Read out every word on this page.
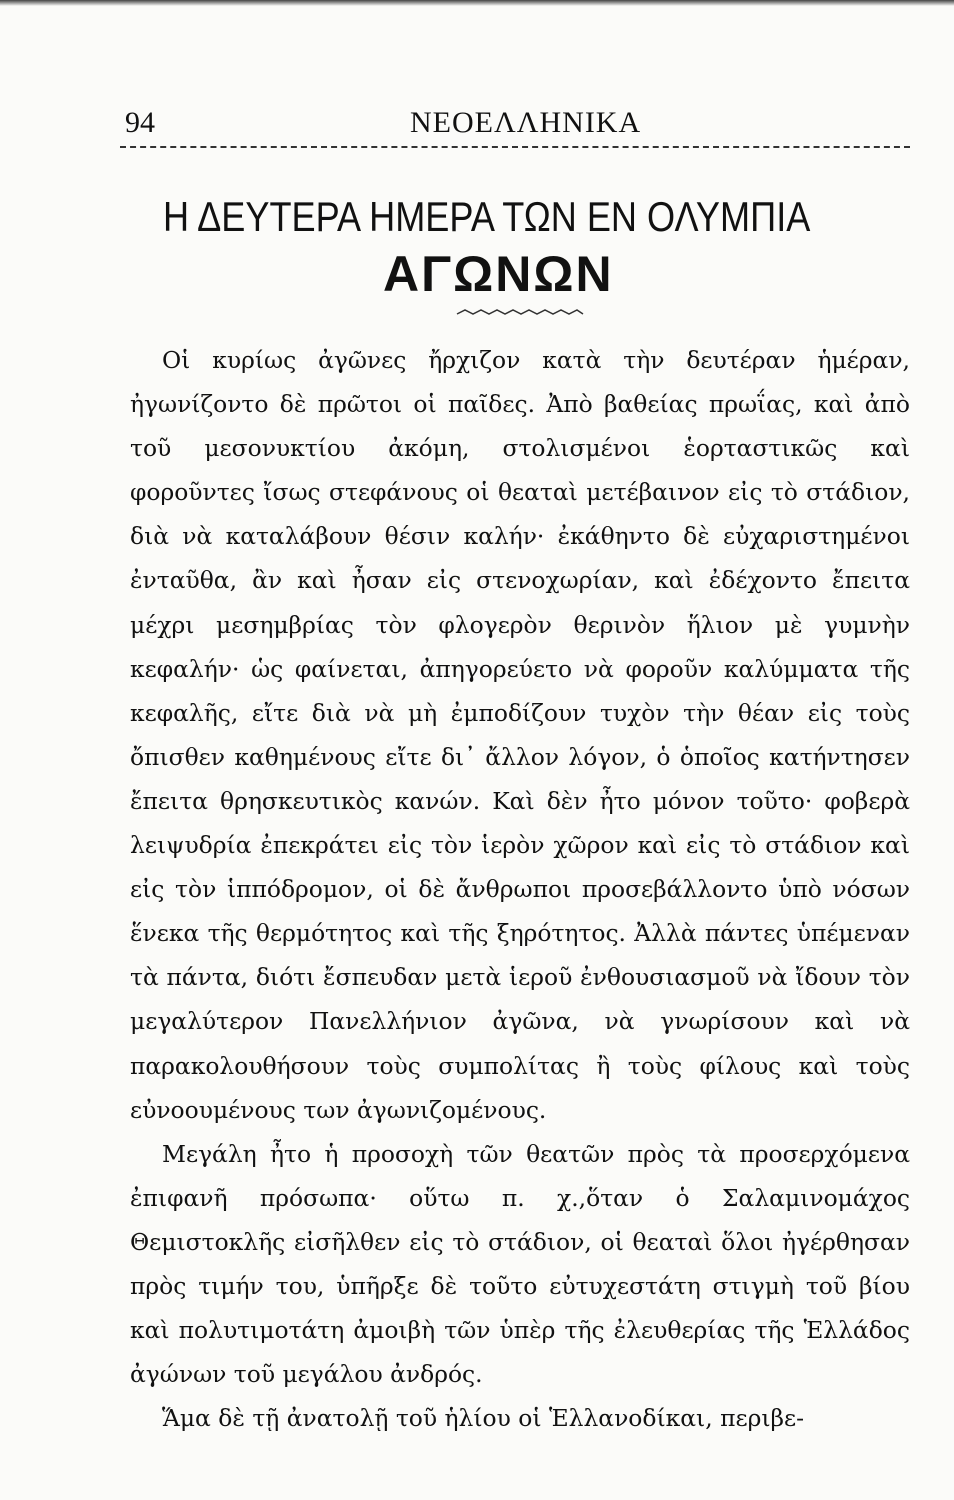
94	ΝΕΟΕΛΛΗΝΙΚΑ
Η ΔΕΥΤΕΡΑ ΗΜΕΡΑ ΤΩΝ ΕΝ ΟΛΥΜΠΙΑ
ΑΓΩΝΩΝ

Οἱ κυρίως ἀγῶνες ἤρχιζον κατὰ τὴν δευτέραν ἡμέραν, ἠγωνίζοντο δὲ πρῶτοι οἱ παῖδες. Ἀπὸ βαθείας πρωΐας, καὶ ἀπὸ τοῦ μεσονυκτίου ἀκόμη, στολισμένοι ἑορταστικῶς καὶ φοροῦντες ἴσως στεφάνους οἱ θεαταὶ μετέβαινον εἰς τὸ στάδιον, διὰ νὰ καταλάβουν θέσιν καλήν· ἐκάθηντο δὲ εὐχαριστημένοι ἐνταῦθα, ἂν καὶ ἦσαν εἰς στενοχωρίαν, καὶ ἐδέχοντο ἔπειτα μέχρι μεσημβρίας τὸν φλογερὸν θερινὸν ἥλιον μὲ γυμνὴν κεφαλήν· ὡς φαίνεται, ἀπηγορεύετο νὰ φοροῦν καλύμματα τῆς κεφαλῆς, εἴτε διὰ νὰ μὴ ἐμποδίζουν τυχὸν τὴν θέαν εἰς τοὺς ὄπισθεν καθημένους εἴτε δι᾽ ἄλλον λόγον, ὁ ὁποῖος κατήντησεν ἔπειτα θρησκευτικὸς κανών. Καὶ δὲν ἦτο μόνον τοῦτο· φοβερὰ λειψυδρία ἐπεκράτει εἰς τὸν ἱερὸν χῶρον καὶ εἰς τὸ στάδιον καὶ εἰς τὸν ἱππόδρομον, οἱ δὲ ἄνθρωποι προσεβάλλοντο ὑπὸ νόσων ἕνεκα τῆς θερμότητος καὶ τῆς ξηρότητος. Ἀλλὰ πάντες ὑπέμεναν τὰ πάντα, διότι ἔσπευδαν μετὰ ἱεροῦ ἐνθουσιασμοῦ νὰ ἴδουν τὸν μεγαλύτερον Πανελλήνιον ἀγῶνα, νὰ γνωρίσουν καὶ νὰ παρακολουθήσουν τοὺς συμπολίτας ἢ τοὺς φίλους καὶ τοὺς εὐνοουμένους των ἀγωνιζομένους.

Μεγάλη ἦτο ἡ προσοχὴ τῶν θεατῶν πρὸς τὰ προσερχόμενα ἐπιφανῆ πρόσωπα· οὕτω π. χ.,ὅταν ὁ Σαλαμινομάχος Θεμιστοκλῆς εἰσῆλθεν εἰς τὸ στάδιον, οἱ θεαταὶ ὅλοι ἠγέρθησαν πρὸς τιμήν του, ὑπῆρξε δὲ τοῦτο εὐτυχεστάτη στιγμὴ τοῦ βίου καὶ πολυτιμοτάτη ἀμοιβὴ τῶν ὑπὲρ τῆς ἐλευθερίας τῆς Ἑλλάδος ἀγώνων τοῦ μεγάλου ἀνδρός.

Ἅμα δὲ τῇ ἀνατολῇ τοῦ ἡλίου οἱ Ἑλλανοδίκαι, περιβε-
